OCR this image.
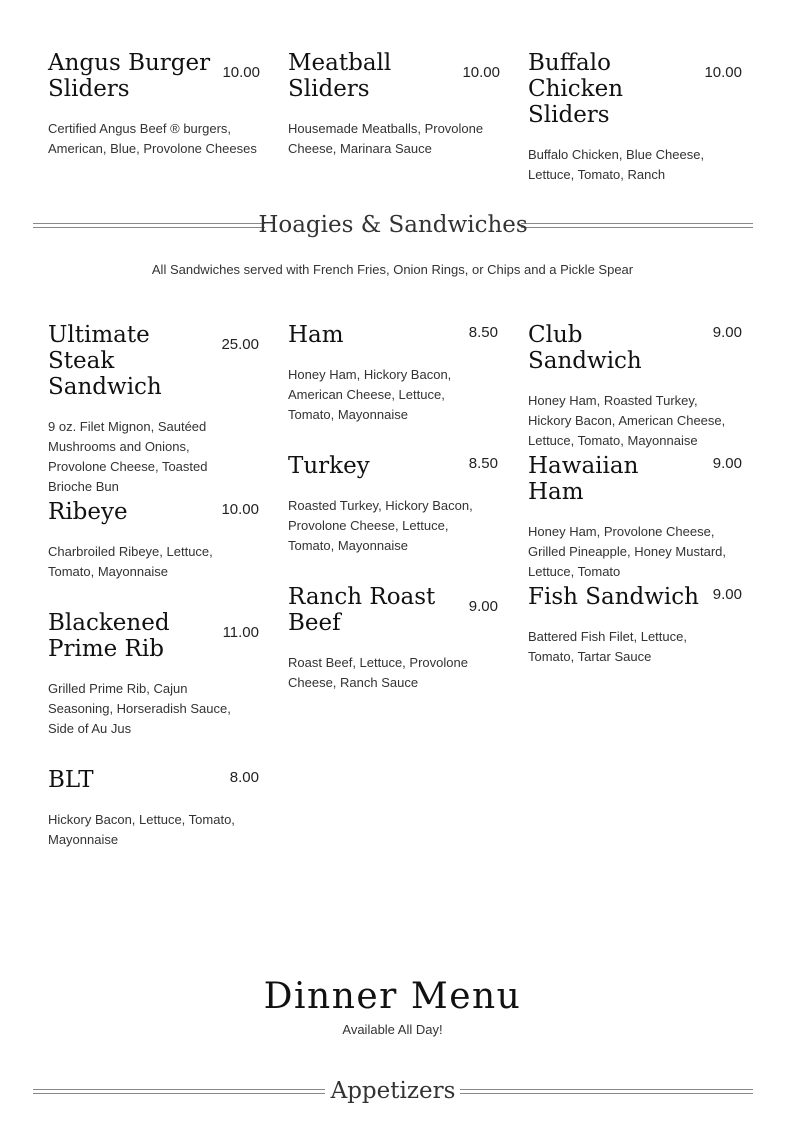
10.00
Angus Burger Sliders
Certified Angus Beef ® burgers, American, Blue, Provolone Cheeses
10.00
Meatball Sliders
Housemade Meatballs, Provolone Cheese, Marinara Sauce
10.00
Buffalo Chicken Sliders
Buffalo Chicken, Blue Cheese, Lettuce, Tomato, Ranch
Hoagies & Sandwiches
All Sandwiches served with French Fries, Onion Rings, or Chips and a Pickle Spear
25.00
Ultimate Steak Sandwich
9 oz. Filet Mignon, Sautéed Mushrooms and Onions, Provolone Cheese, Toasted Brioche Bun
10.00
Ribeye
Charbroiled Ribeye, Lettuce, Tomato, Mayonnaise
11.00
Blackened Prime Rib
Grilled Prime Rib, Cajun Seasoning, Horseradish Sauce, Side of Au Jus
8.00
BLT
Hickory Bacon, Lettuce, Tomato, Mayonnaise
8.50
Ham
Honey Ham, Hickory Bacon, American Cheese, Lettuce, Tomato, Mayonnaise
8.50
Turkey
Roasted Turkey, Hickory Bacon, Provolone Cheese, Lettuce, Tomato, Mayonnaise
9.00
Ranch Roast Beef
Roast Beef, Lettuce, Provolone Cheese, Ranch Sauce
9.00
Club Sandwich
Honey Ham, Roasted Turkey, Hickory Bacon, American Cheese, Lettuce, Tomato, Mayonnaise
9.00
Hawaiian Ham
Honey Ham, Provolone Cheese, Grilled Pineapple, Honey Mustard, Lettuce, Tomato
9.00
Fish Sandwich
Battered Fish Filet, Lettuce, Tomato, Tartar Sauce
Dinner Menu
Available All Day!
Appetizers
